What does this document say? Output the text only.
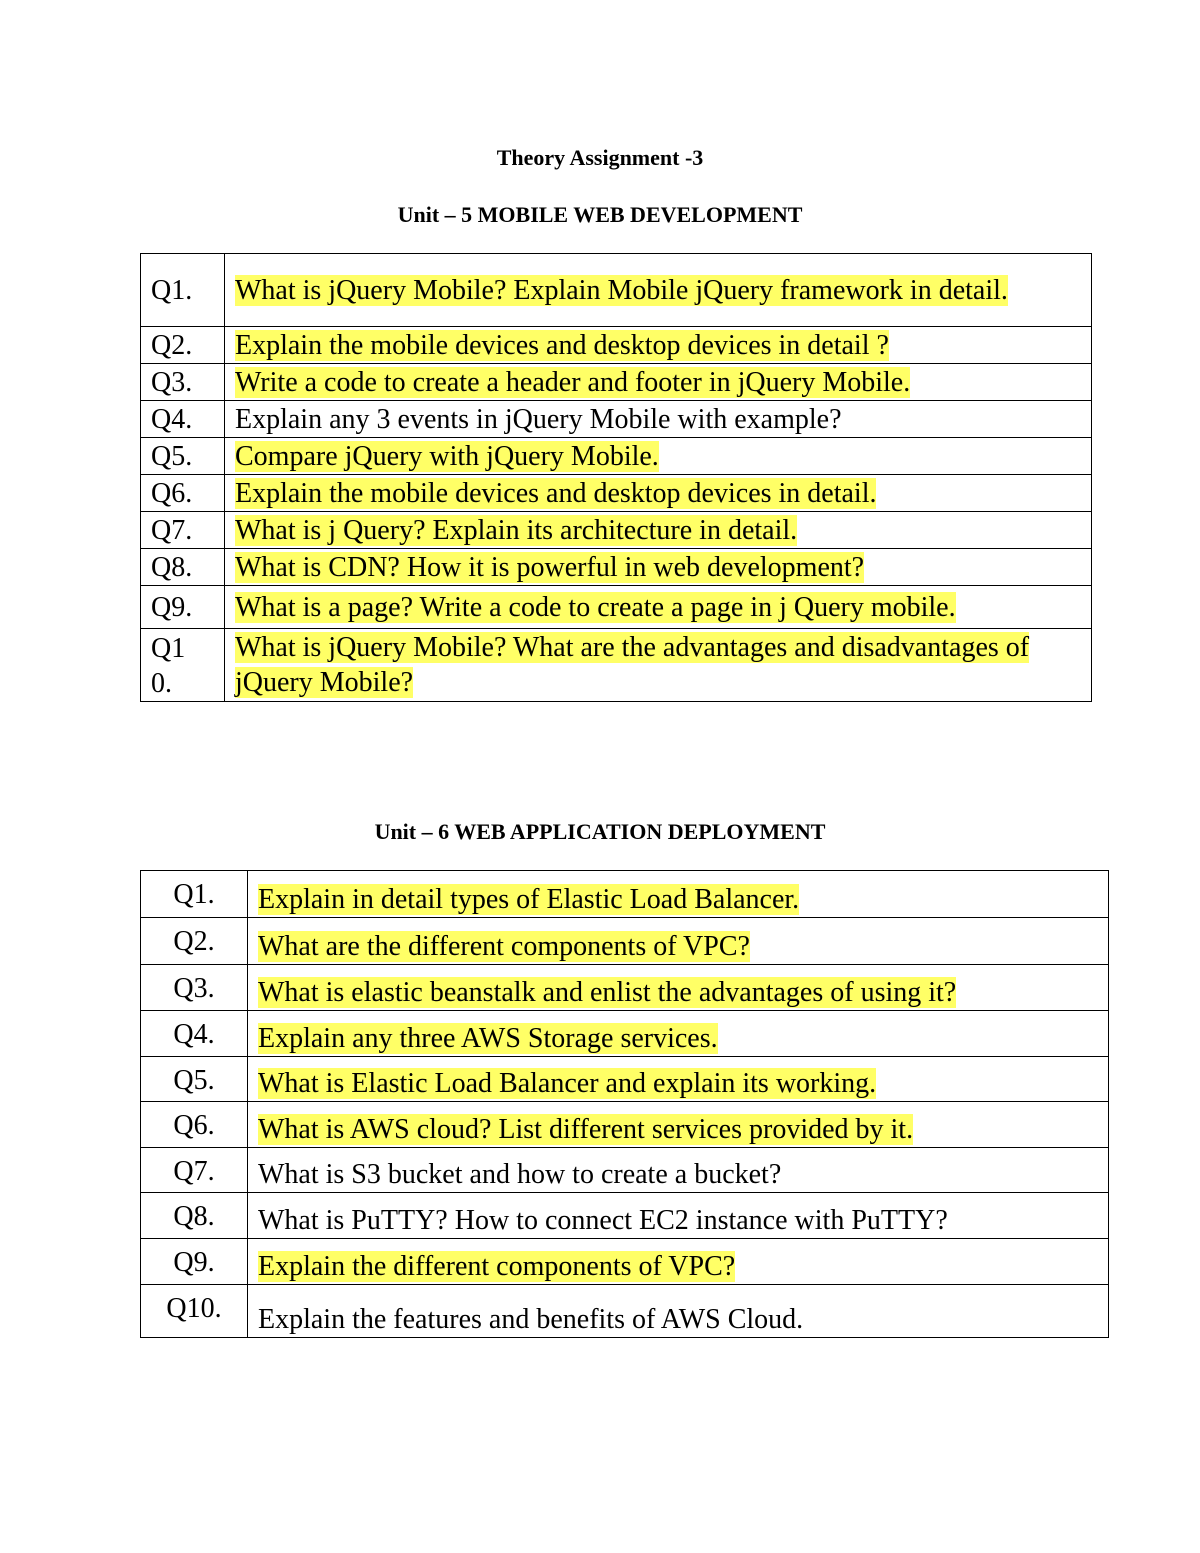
Theory Assignment -3
Unit – 5 MOBILE WEB DEVELOPMENT
Q1.	What is jQuery Mobile? Explain Mobile jQuery framework in detail.
Q2.	Explain the mobile devices and desktop devices in detail ?
Q3.	Write a code to create a header and footer in jQuery Mobile.
Q4.	Explain any 3 events in jQuery Mobile with example?
Q5.	Compare jQuery with jQuery Mobile.
Q6.	Explain the mobile devices and desktop devices in detail.
Q7.	What is j Query? Explain its architecture in detail.
Q8.	What is CDN? How it is powerful in web development?
Q9.	What is a page? Write a code to create a page in j Query mobile.
Q10.	What is jQuery Mobile? What are the advantages and disadvantages of jQuery Mobile?
Unit – 6 WEB APPLICATION DEPLOYMENT
Q1.	Explain in detail types of Elastic Load Balancer.
Q2.	What are the different components of VPC?
Q3.	What is elastic beanstalk and enlist the advantages of using it?
Q4.	Explain any three AWS Storage services.
Q5.	What is Elastic Load Balancer and explain its working.
Q6.	What is AWS cloud? List different services provided by it.
Q7.	What is S3 bucket and how to create a bucket?
Q8.	What is PuTTY? How to connect EC2 instance with PuTTY?
Q9.	Explain the different components of VPC?
Q10.	Explain the features and benefits of AWS Cloud.
